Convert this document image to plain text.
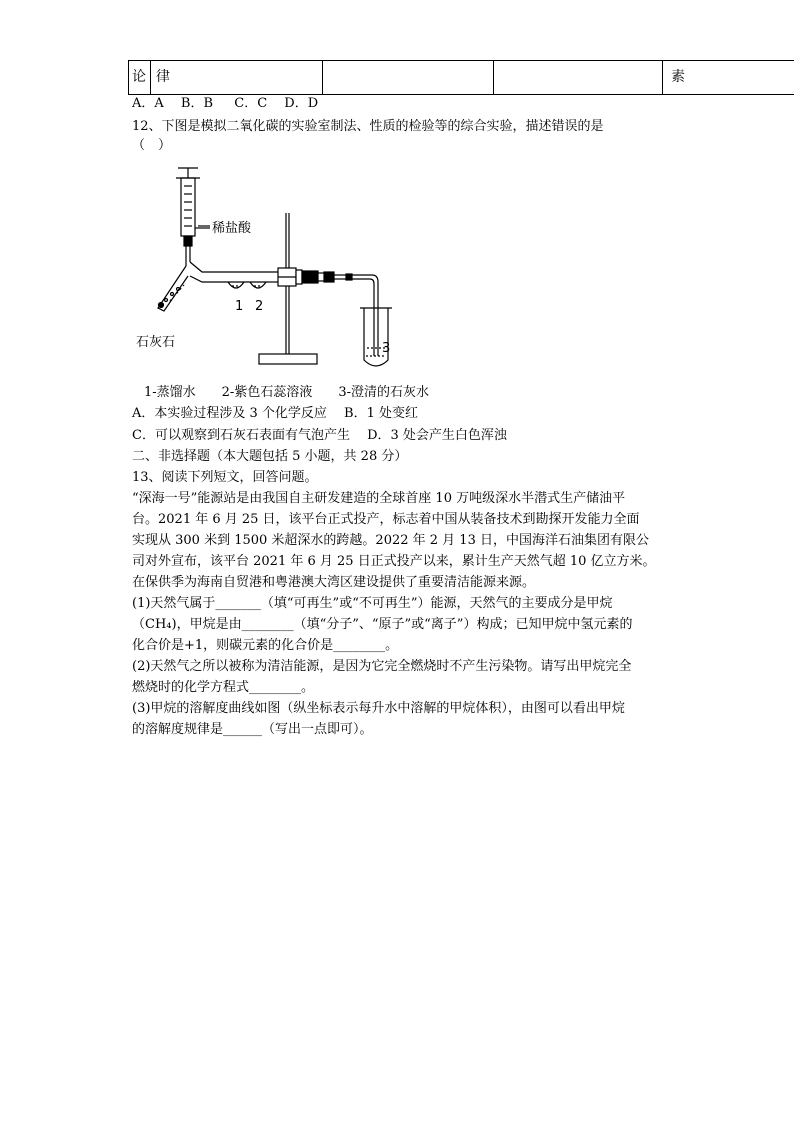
论 律	素
A．A　 B．B　  C．C　 D．D
12、下图是模拟二氧化碳的实验室制法、性质的检验等的综合实验，描述错误的是
（　）
稀盐酸
石灰石
1 2
3
1-蒸馏水　　2-紫色石蕊溶液　　3-澄清的石灰水
A．本实验过程涉及 3 个化学反应　 B．1 处变红
C．可以观察到石灰石表面有气泡产生　 D．3 处会产生白色浑浊
二、非选择题（本大题包括 5 小题，共 28 分）
13、阅读下列短文，回答问题。
“深海一号”能源站是由我国自主研发建造的全球首座 10 万吨级深水半潜式生产储油平
台。2021 年 6 月 25 日，该平台正式投产，标志着中国从装备技术到勘探开发能力全面
实现从 300 米到 1500 米超深水的跨越。2022 年 2 月 13 日，中国海洋石油集团有限公
司对外宣布，该平台 2021 年 6 月 25 日正式投产以来，累计生产天然气超 10 亿立方米。
在保供季为海南自贸港和粤港澳大湾区建设提供了重要清洁能源来源。
(1)天然气属于_______（填“可再生”或“不可再生”）能源，天然气的主要成分是甲烷
（CH₄)，甲烷是由________（填“分子”、“原子”或“离子”）构成；已知甲烷中氢元素的
化合价是+1，则碳元素的化合价是________。
(2)天然气之所以被称为清洁能源，是因为它完全燃烧时不产生污染物。请写出甲烷完全
燃烧时的化学方程式________。
(3)甲烷的溶解度曲线如图（纵坐标表示每升水中溶解的甲烷体积），由图可以看出甲烷
的溶解度规律是______（写出一点即可）。
